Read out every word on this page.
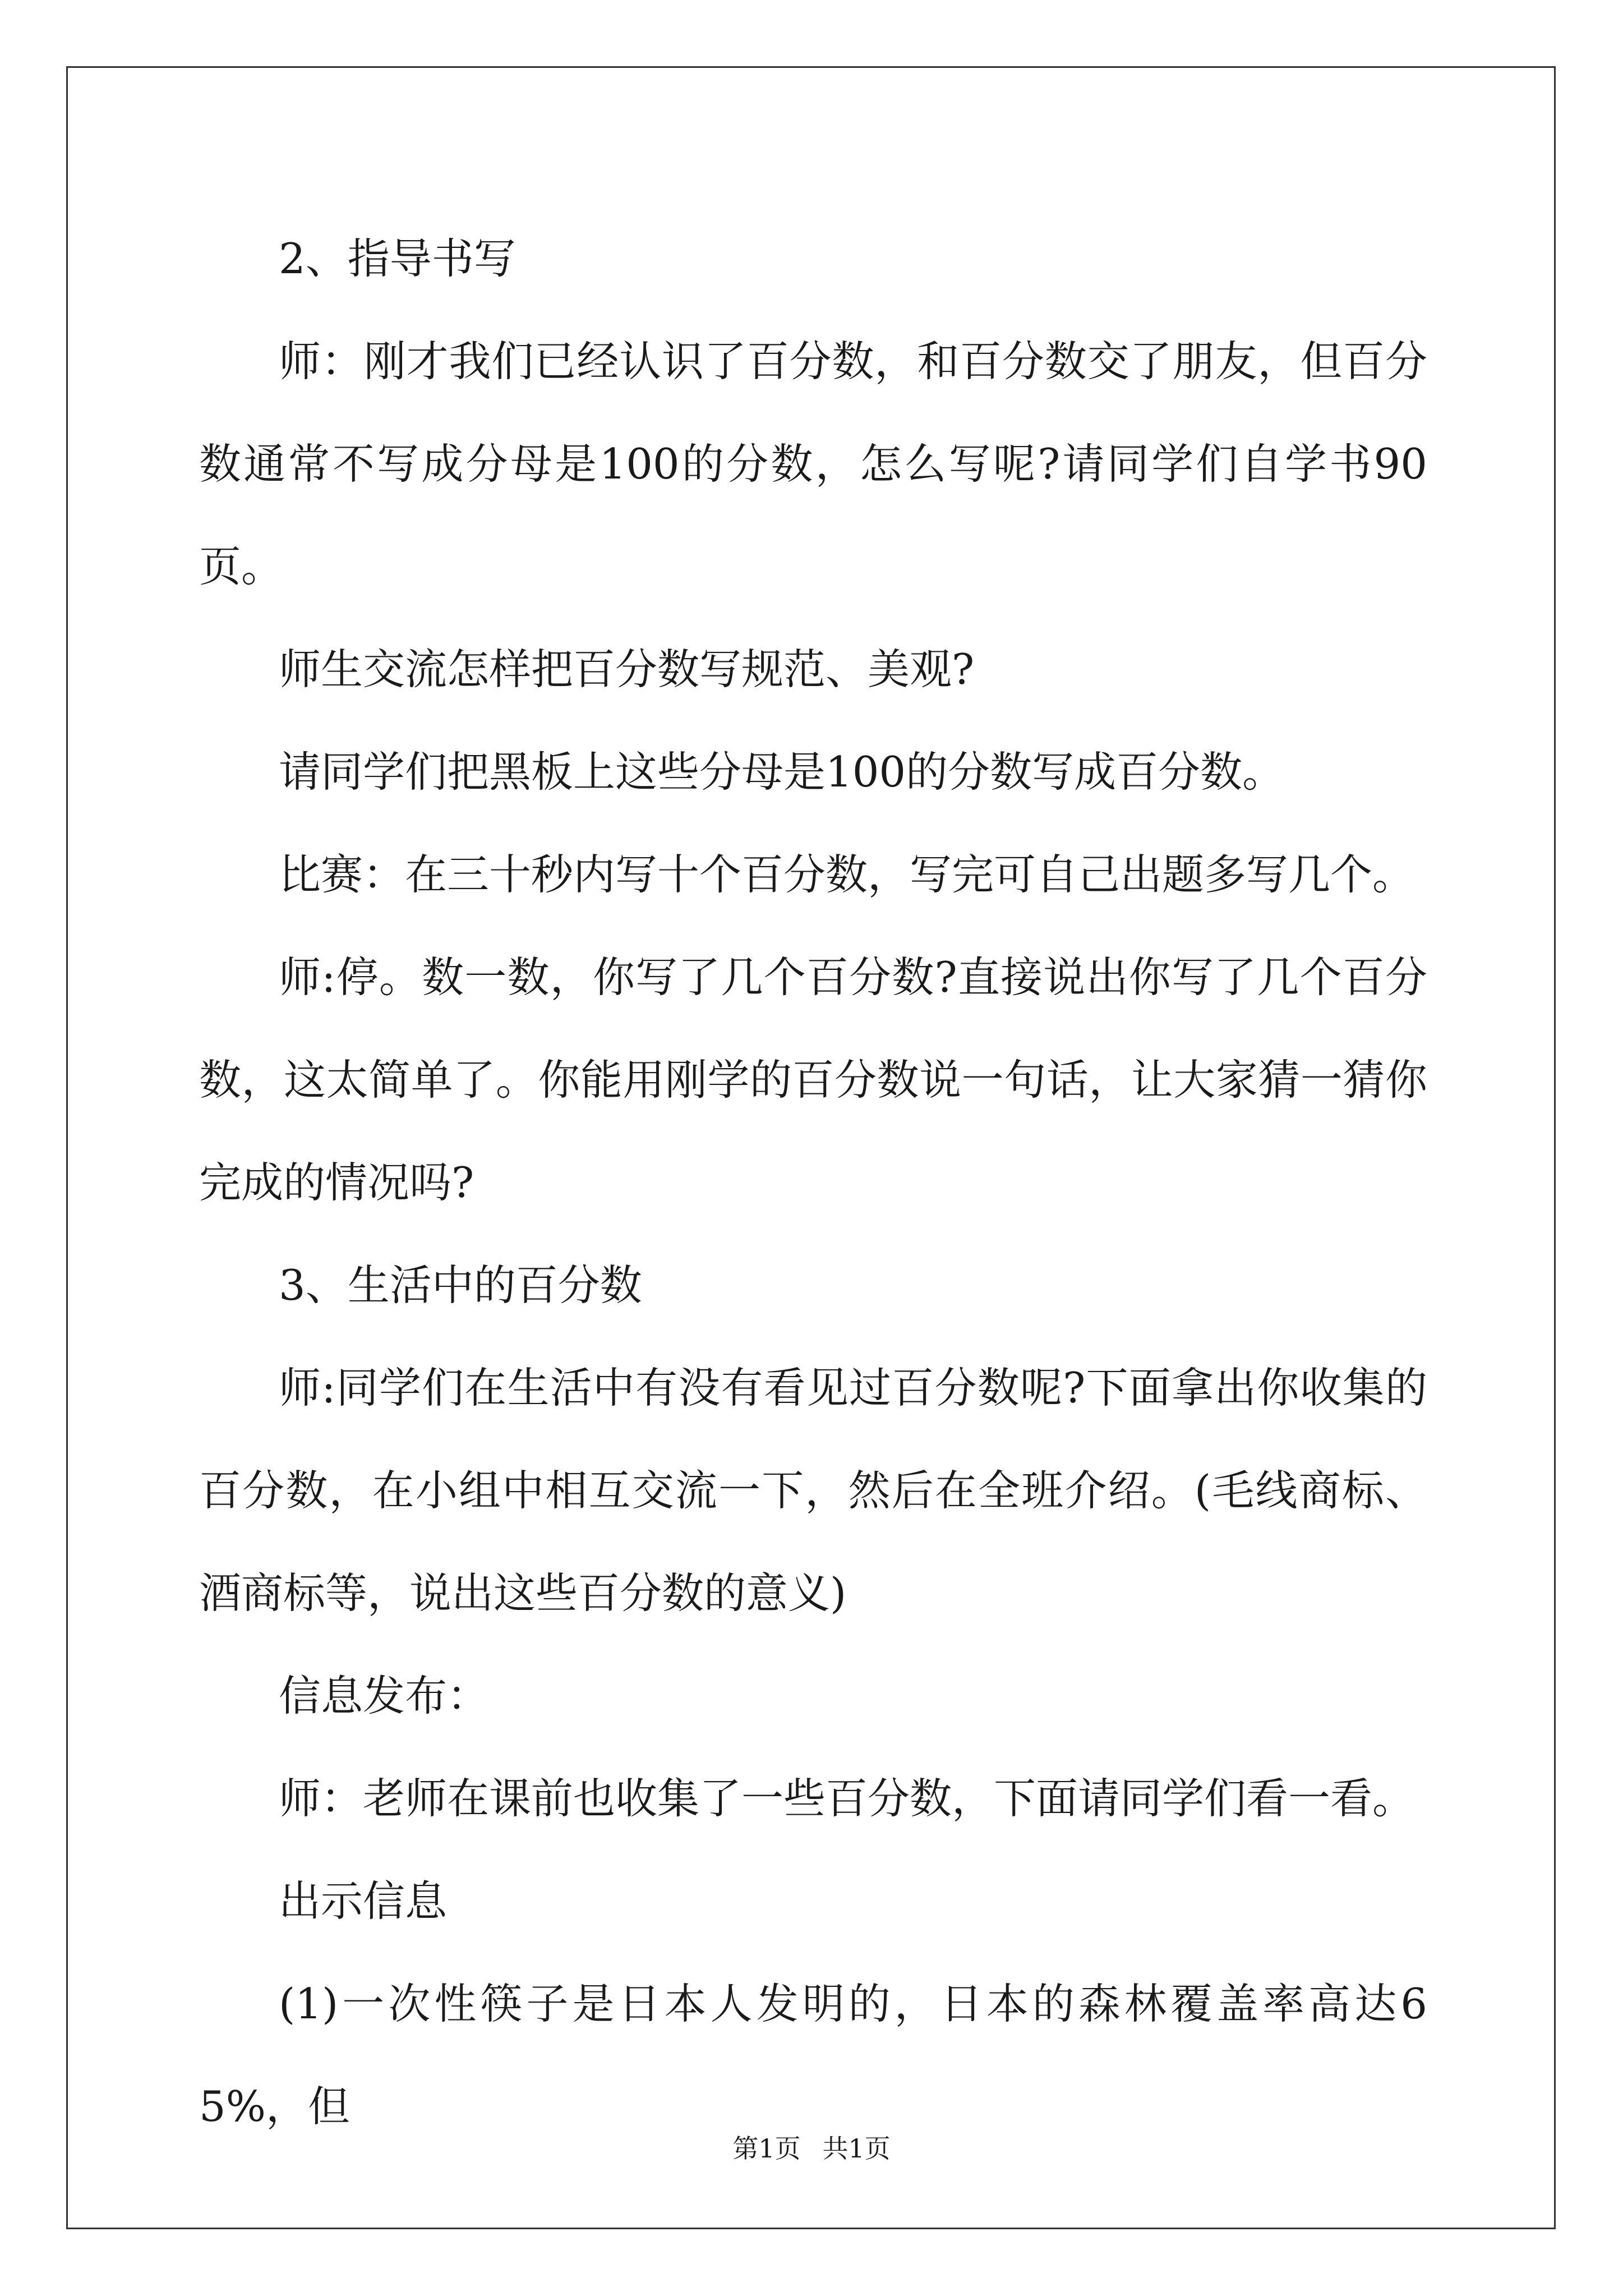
2、指导书写

师：刚才我们已经认识了百分数，和百分数交了朋友，但百分数通常不写成分母是100的分数，怎么写呢?请同学们自学书90页。

师生交流怎样把百分数写规范、美观?

请同学们把黑板上这些分母是100的分数写成百分数。

比赛：在三十秒内写十个百分数，写完可自己出题多写几个。

师:停。数一数，你写了几个百分数?直接说出你写了几个百分数，这太简单了。你能用刚学的百分数说一句话，让大家猜一猜你完成的情况吗?

3、生活中的百分数

师:同学们在生活中有没有看见过百分数呢?下面拿出你收集的百分数，在小组中相互交流一下，然后在全班介绍。(毛线商标、酒商标等，说出这些百分数的意义)

信息发布：

师：老师在课前也收集了一些百分数，下面请同学们看一看。

出示信息

(1)一次性筷子是日本人发明的，日本的森林覆盖率高达65%，但

第1页 共1页
